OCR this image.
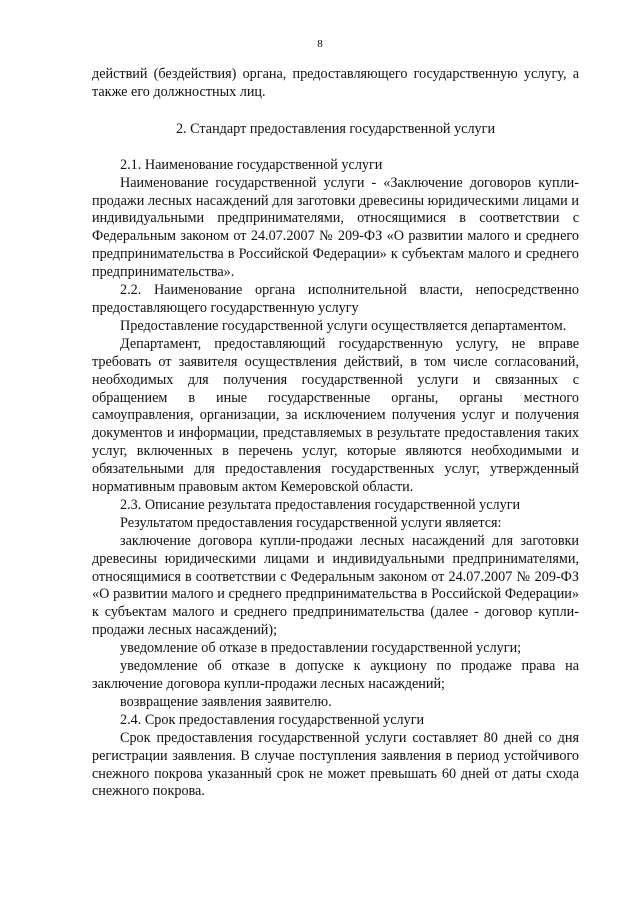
8

действий (бездействия) органа, предоставляющего государственную услугу, а также его должностных лиц.

2. Стандарт предоставления государственной услуги

2.1. Наименование государственной услуги

Наименование государственной услуги - «Заключение договоров купли-продажи лесных насаждений для заготовки древесины юридическими лицами и индивидуальными предпринимателями, относящимися в соответствии с Федеральным законом от 24.07.2007 № 209-ФЗ «О развитии малого и среднего предпринимательства в Российской Федерации» к субъектам малого и среднего предпринимательства».

2.2. Наименование органа исполнительной власти, непосредственно предоставляющего государственную услугу

Предоставление государственной услуги осуществляется департаментом.

Департамент, предоставляющий государственную услугу, не вправе требовать от заявителя осуществления действий, в том числе согласований, необходимых для получения государственной услуги и связанных с обращением в иные государственные органы, органы местного самоуправления, организации, за исключением получения услуг и получения документов и информации, представляемых в результате предоставления таких услуг, включенных в перечень услуг, которые являются необходимыми и обязательными для предоставления государственных услуг, утвержденный нормативным правовым актом Кемеровской области.

2.3. Описание результата предоставления государственной услуги

Результатом предоставления государственной услуги является:

заключение договора купли-продажи лесных насаждений для заготовки древесины юридическими лицами и индивидуальными предпринимателями, относящимися в соответствии с Федеральным законом от 24.07.2007 № 209-ФЗ «О развитии малого и среднего предпринимательства в Российской Федерации» к субъектам малого и среднего предпринимательства (далее - договор купли-продажи лесных насаждений);

уведомление об отказе в предоставлении государственной услуги;

уведомление об отказе в допуске к аукциону по продаже права на заключение договора купли-продажи лесных насаждений;

возвращение заявления заявителю.

2.4. Срок предоставления государственной услуги

Срок предоставления государственной услуги составляет 80 дней со дня регистрации заявления. В случае поступления заявления в период устойчивого снежного покрова указанный срок не может превышать 60 дней от даты схода снежного покрова.
